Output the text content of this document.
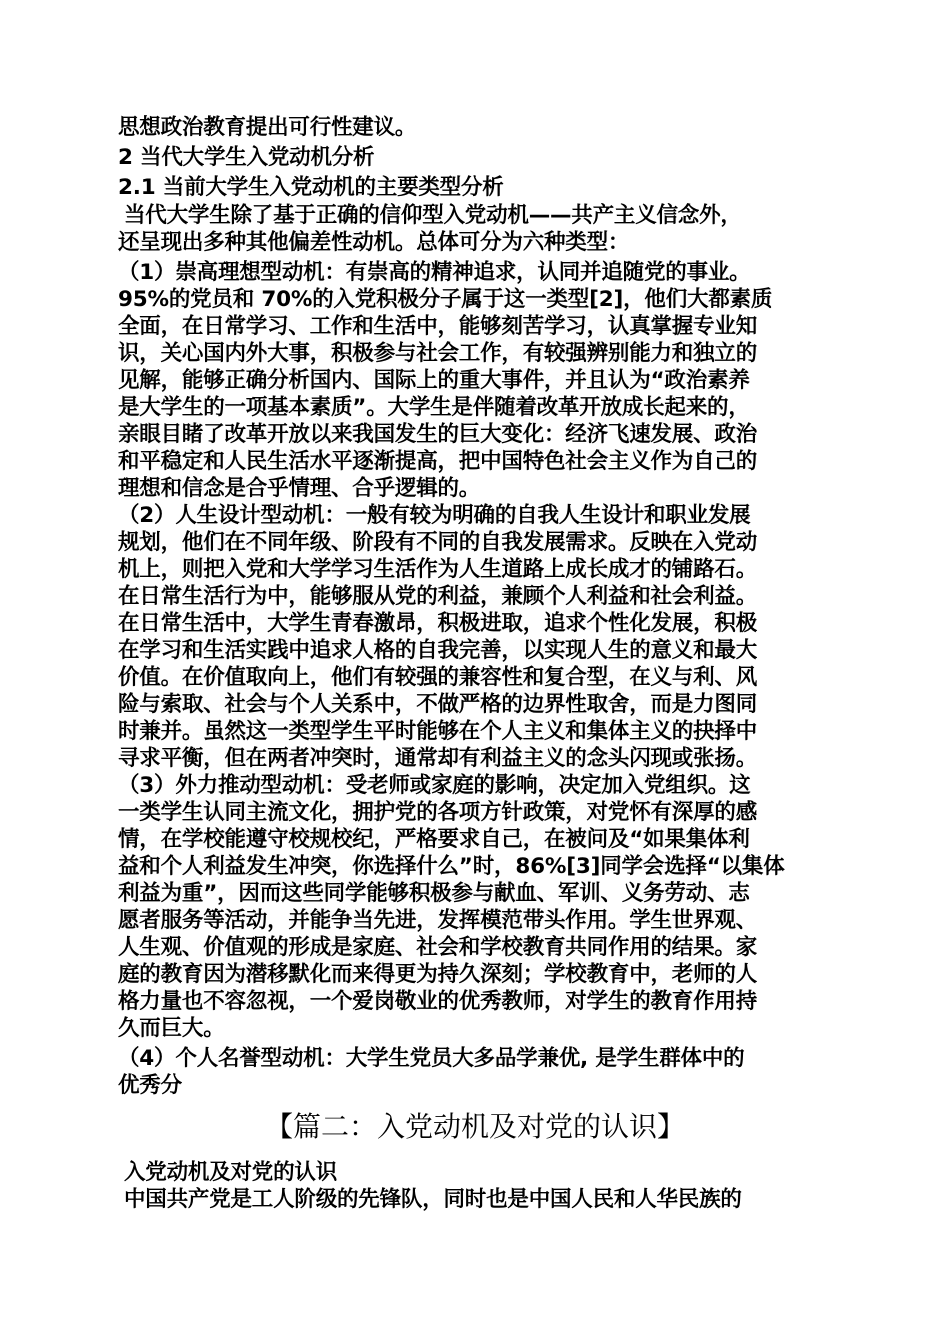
思想政治教育提出可行性建议。
2 当代大学生入党动机分析
2.1 当前大学生入党动机的主要类型分析
当代大学生除了基于正确的信仰型入党动机——共产主义信念外，
还呈现出多种其他偏差性动机。总体可分为六种类型：
（1）崇高理想型动机：有崇高的精神追求，认同并追随党的事业。
95%的党员和 70%的入党积极分子属于这一类型[2]，他们大都素质
全面，在日常学习、工作和生活中，能够刻苦学习，认真掌握专业知
识，关心国内外大事，积极参与社会工作，有较强辨别能力和独立的
见解，能够正确分析国内、国际上的重大事件，并且认为“政治素养
是大学生的一项基本素质”。大学生是伴随着改革开放成长起来的，
亲眼目睹了改革开放以来我国发生的巨大变化：经济飞速发展、政治
和平稳定和人民生活水平逐渐提高，把中国特色社会主义作为自己的
理想和信念是合乎情理、合乎逻辑的。
（2）人生设计型动机：一般有较为明确的自我人生设计和职业发展
规划，他们在不同年级、阶段有不同的自我发展需求。反映在入党动
机上，则把入党和大学学习生活作为人生道路上成长成才的铺路石。
在日常生活行为中，能够服从党的利益，兼顾个人利益和社会利益。
在日常生活中，大学生青春激昂，积极进取，追求个性化发展，积极
在学习和生活实践中追求人格的自我完善，以实现人生的意义和最大
价值。在价值取向上，他们有较强的兼容性和复合型，在义与利、风
险与索取、社会与个人关系中，不做严格的边界性取舍，而是力图同
时兼并。虽然这一类型学生平时能够在个人主义和集体主义的抉择中
寻求平衡，但在两者冲突时，通常却有利益主义的念头闪现或张扬。
（3）外力推动型动机：受老师或家庭的影响，决定加入党组织。这
一类学生认同主流文化，拥护党的各项方针政策，对党怀有深厚的感
情，在学校能遵守校规校纪，严格要求自己，在被问及“如果集体利
益和个人利益发生冲突，你选择什么”时，86%[3]同学会选择“以集体
利益为重”，因而这些同学能够积极参与献血、军训、义务劳动、志
愿者服务等活动，并能争当先进，发挥模范带头作用。学生世界观、
人生观、价值观的形成是家庭、社会和学校教育共同作用的结果。家
庭的教育因为潜移默化而来得更为持久深刻；学校教育中，老师的人
格力量也不容忽视，一个爱岗敬业的优秀教师，对学生的教育作用持
久而巨大。
（4）个人名誉型动机：大学生党员大多品学兼优, 是学生群体中的
优秀分
【篇二：入党动机及对党的认识】
入党动机及对党的认识
中国共产党是工人阶级的先锋队，同时也是中国人民和人华民族的
